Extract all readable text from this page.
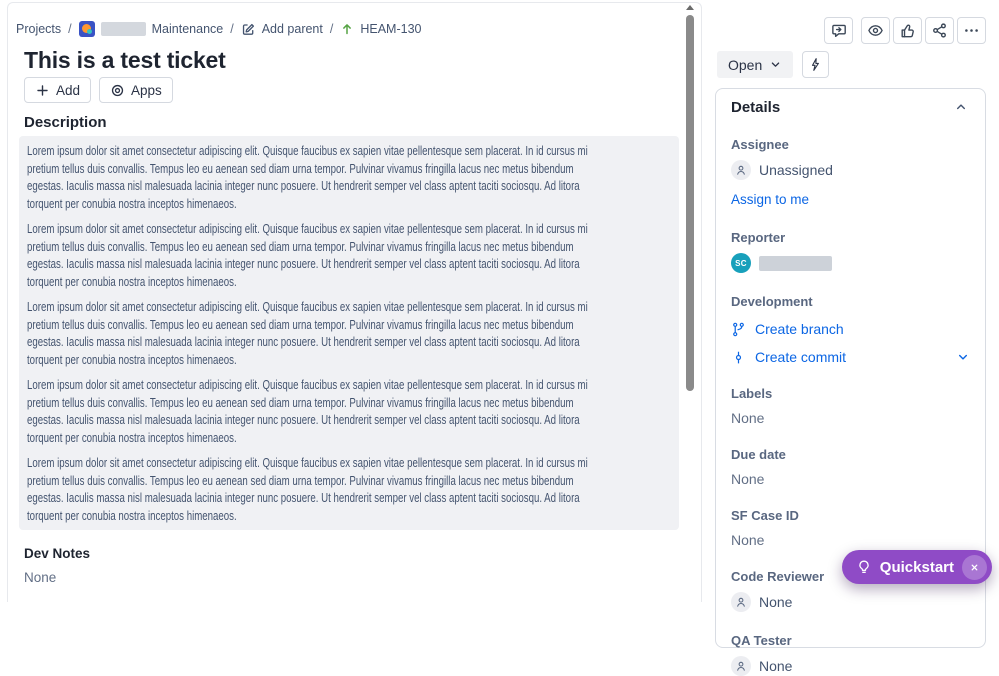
Projects /	Maintenance / Add parent / HEAM-130
This is a test ticket
Add	Apps
Description
Lorem ipsum dolor sit amet consectetur adipiscing elit. Quisque faucibus ex sapien vitae pellentesque sem placerat. In id cursus mi
pretium tellus duis convallis. Tempus leo eu aenean sed diam urna tempor. Pulvinar vivamus fringilla lacus nec metus bibendum
egestas. Iaculis massa nisl malesuada lacinia integer nunc posuere. Ut hendrerit semper vel class aptent taciti sociosqu. Ad litora
torquent per conubia nostra inceptos himenaeos.
Lorem ipsum dolor sit amet consectetur adipiscing elit. Quisque faucibus ex sapien vitae pellentesque sem placerat. In id cursus mi
pretium tellus duis convallis. Tempus leo eu aenean sed diam urna tempor. Pulvinar vivamus fringilla lacus nec metus bibendum
egestas. Iaculis massa nisl malesuada lacinia integer nunc posuere. Ut hendrerit semper vel class aptent taciti sociosqu. Ad litora
torquent per conubia nostra inceptos himenaeos.
Lorem ipsum dolor sit amet consectetur adipiscing elit. Quisque faucibus ex sapien vitae pellentesque sem placerat. In id cursus mi
pretium tellus duis convallis. Tempus leo eu aenean sed diam urna tempor. Pulvinar vivamus fringilla lacus nec metus bibendum
egestas. Iaculis massa nisl malesuada lacinia integer nunc posuere. Ut hendrerit semper vel class aptent taciti sociosqu. Ad litora
torquent per conubia nostra inceptos himenaeos.
Lorem ipsum dolor sit amet consectetur adipiscing elit. Quisque faucibus ex sapien vitae pellentesque sem placerat. In id cursus mi
pretium tellus duis convallis. Tempus leo eu aenean sed diam urna tempor. Pulvinar vivamus fringilla lacus nec metus bibendum
egestas. Iaculis massa nisl malesuada lacinia integer nunc posuere. Ut hendrerit semper vel class aptent taciti sociosqu. Ad litora
torquent per conubia nostra inceptos himenaeos.
Lorem ipsum dolor sit amet consectetur adipiscing elit. Quisque faucibus ex sapien vitae pellentesque sem placerat. In id cursus mi
pretium tellus duis convallis. Tempus leo eu aenean sed diam urna tempor. Pulvinar vivamus fringilla lacus nec metus bibendum
egestas. Iaculis massa nisl malesuada lacinia integer nunc posuere. Ut hendrerit semper vel class aptent taciti sociosqu. Ad litora
torquent per conubia nostra inceptos himenaeos.
Dev Notes
None
Open
Details
Assignee
Unassigned
Assign to me
Reporter
SC
Development
Create branch
Create commit
Labels
None
Due date
None
SF Case ID
None
Code Reviewer
None
QA Tester
None
Quickstart
